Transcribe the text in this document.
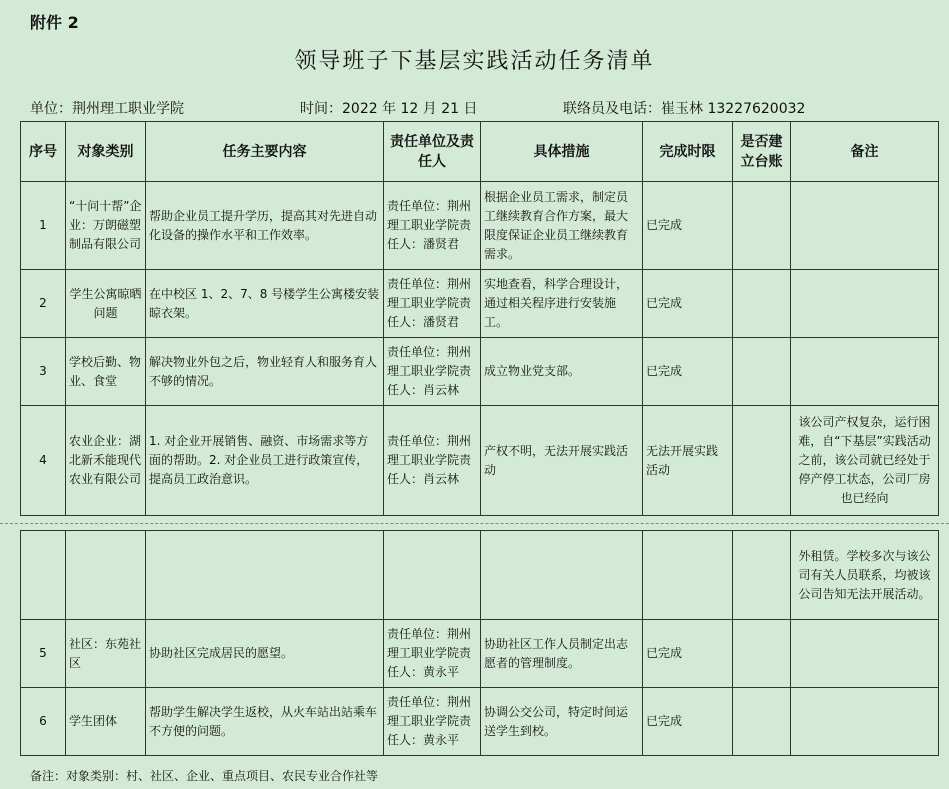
附件 2
领导班子下基层实践活动任务清单
单位：荆州理工职业学院	时间：2022 年 12 月 21 日	联络员及电话：崔玉林 13227620032
序号	对象类别	任务主要内容	责任单位及责任人	具体措施	完成时限	是否建立台账	备注
1	“十问十帮”企业：万朗磁塑制品有限公司	帮助企业员工提升学历，提高其对先进自动化设备的操作水平和工作效率。	责任单位：荆州理工职业学院责任人：潘贤君	根据企业员工需求，制定员工继续教育合作方案，最大限度保证企业员工继续教育需求。	已完成		
2	学生公寓晾晒问题	在中校区 1、2、7、8 号楼学生公寓楼安装晾衣架。	责任单位：荆州理工职业学院责任人：潘贤君	实地查看，科学合理设计，通过相关程序进行安装施工。	已完成		
3	学校后勤、物业、食堂	解决物业外包之后，物业轻育人和服务育人不够的情况。	责任单位：荆州理工职业学院责任人：肖云林	成立物业党支部。	已完成		
4	农业企业：湖北新禾能现代农业有限公司	1. 对企业开展销售、融资、市场需求等方面的帮助。2. 对企业员工进行政策宣传，提高员工政治意识。	责任单位：荆州理工职业学院责任人：肖云林	产权不明，无法开展实践活动	无法开展实践活动		该公司产权复杂，运行困难，自“下基层”实践活动之前，该公司就已经处于停产停工状态，公司厂房也已经向
							外租赁。学校多次与该公司有关人员联系，均被该公司告知无法开展活动。
5	社区：东苑社区	协助社区完成居民的愿望。	责任单位：荆州理工职业学院责任人：黄永平	协助社区工作人员制定出志愿者的管理制度。	已完成		
6	学生团体	帮助学生解决学生返校，从火车站出站乘车不方便的问题。	责任单位：荆州理工职业学院责任人：黄永平	协调公交公司，特定时间运送学生到校。	已完成		
备注：对象类别：村、社区、企业、重点项目、农民专业合作社等
